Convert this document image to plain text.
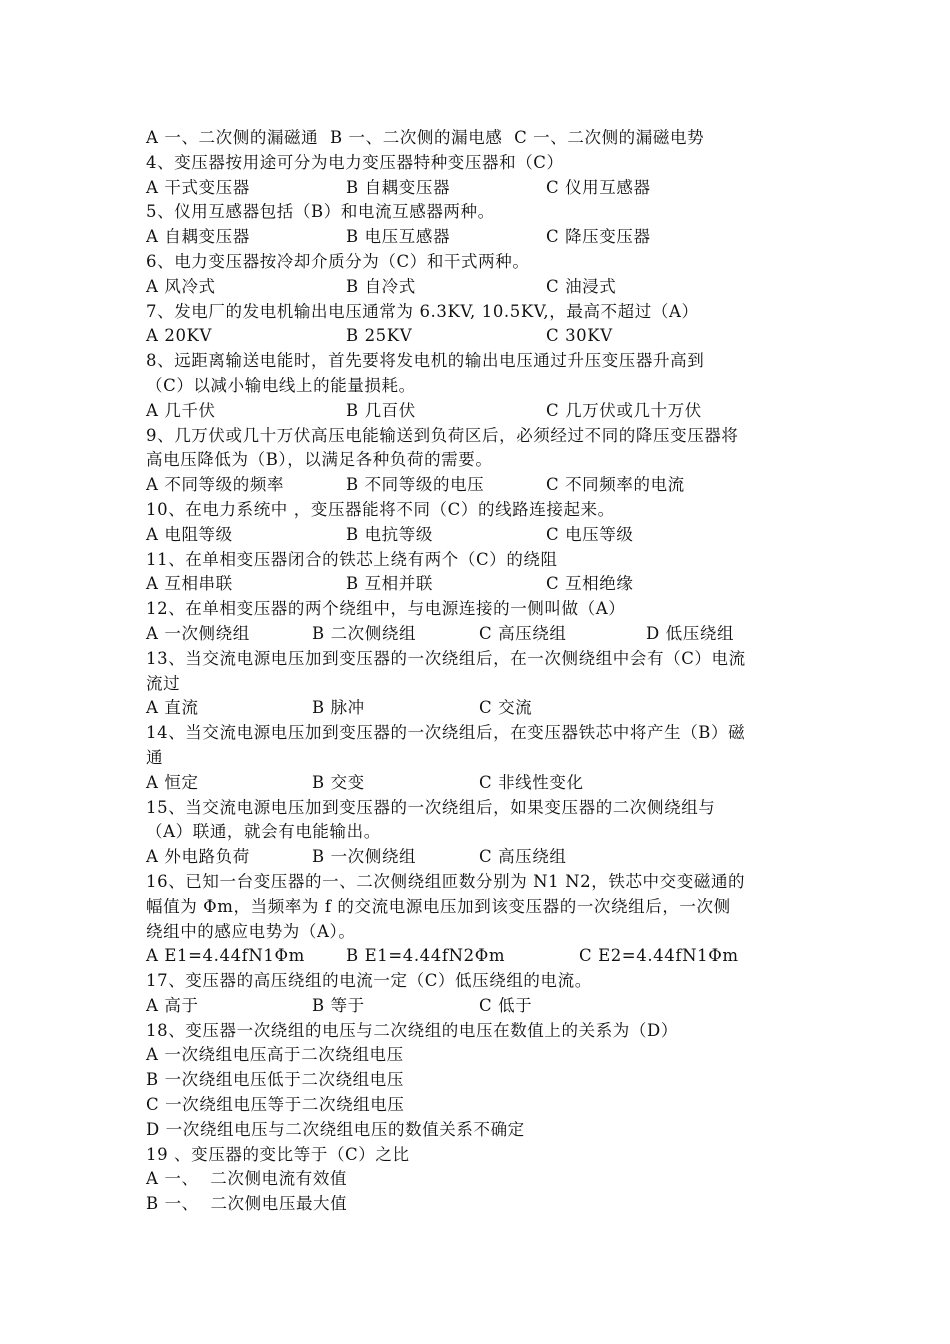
A 一、二次侧的漏磁通  B 一、二次侧的漏电感  C 一、二次侧的漏磁电势
4、变压器按用途可分为电力变压器特种变压器和（C）
A 干式变压器	B 自耦变压器	C 仪用互感器
5、仪用互感器包括（B）和电流互感器两种。
A 自耦变压器	B 电压互感器	C 降压变压器
6、电力变压器按冷却介质分为（C）和干式两种。
A 风冷式	B 自冷式	C 油浸式
7、发电厂的发电机输出电压通常为 6.3KV, 10.5KV,，最高不超过（A）
A 20KV	B 25KV	C 30KV
8、远距离输送电能时，首先要将发电机的输出电压通过升压变压器升高到
（C）以减小输电线上的能量损耗。
A 几千伏	B 几百伏	C 几万伏或几十万伏
9、几万伏或几十万伏高压电能输送到负荷区后，必须经过不同的降压变压器将
高电压降低为（B），以满足各种负荷的需要。
A 不同等级的频率	B 不同等级的电压	C 不同频率的电流
10、在电力系统中 ，变压器能将不同（C）的线路连接起来。
A 电阻等级	B 电抗等级	C 电压等级
11、在单相变压器闭合的铁芯上绕有两个（C）的绕阻
A 互相串联	B 互相并联	C 互相绝缘
12、在单相变压器的两个绕组中，与电源连接的一侧叫做（A）
A 一次侧绕组	B 二次侧绕组	C 高压绕组	D 低压绕组
13、当交流电源电压加到变压器的一次绕组后，在一次侧绕组中会有（C）电流
流过
A 直流	B 脉冲	C 交流
14、当交流电源电压加到变压器的一次绕组后，在变压器铁芯中将产生（B）磁
通
A 恒定	B 交变	C 非线性变化
15、当交流电源电压加到变压器的一次绕组后，如果变压器的二次侧绕组与
（A）联通，就会有电能输出。
A 外电路负荷	B 一次侧绕组	C 高压绕组
16、已知一台变压器的一、二次侧绕组匝数分别为 N1 N2，铁芯中交变磁通的
幅值为 Φm，当频率为 f 的交流电源电压加到该变压器的一次绕组后，一次侧
绕组中的感应电势为（A）。
A E1=4.44fN1Φm B E1=4.44fN2Φm	C E2=4.44fN1Φm
17、变压器的高压绕组的电流一定（C）低压绕组的电流。
A 高于	B 等于	C 低于
18、变压器一次绕组的电压与二次绕组的电压在数值上的关系为（D）
A 一次绕组电压高于二次绕组电压
B 一次绕组电压低于二次绕组电压
C 一次绕组电压等于二次绕组电压
D 一次绕组电压与二次绕组电压的数值关系不确定
19 、变压器的变比等于（C）之比
A 一、  二次侧电流有效值
B 一、  二次侧电压最大值
